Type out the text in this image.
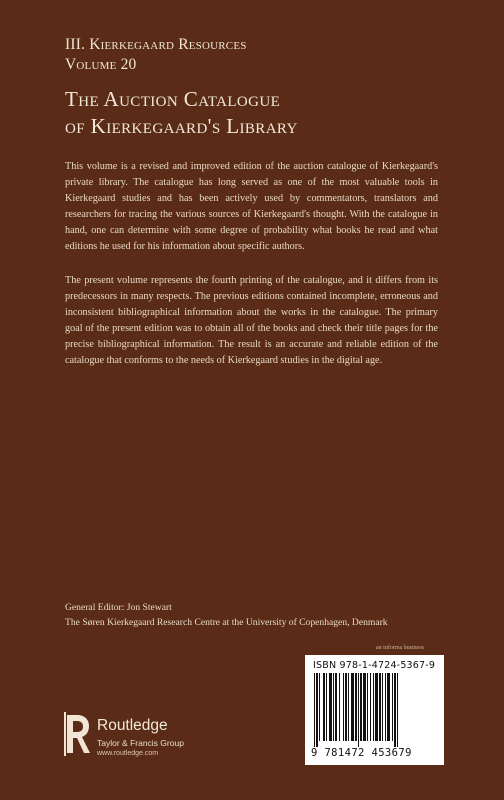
III. Kierkegaard Resources
Volume 20
The Auction Catalogue
of Kierkegaard's Library
This volume is a revised and improved edition of the auction catalogue of Kierkegaard's private library. The catalogue has long served as one of the most valuable tools in Kierkegaard studies and has been actively used by commentators, translators and researchers for tracing the various sources of Kierkegaard's thought. With the catalogue in hand, one can determine with some degree of probability what books he read and what editions he used for his information about specific authors.
The present volume represents the fourth printing of the catalogue, and it differs from its predecessors in many respects. The previous editions contained incomplete, erroneous and inconsistent bibliographical information about the works in the catalogue. The primary goal of the present edition was to obtain all of the books and check their title pages for the precise bibliographical information. The result is an accurate and reliable edition of the catalogue that conforms to the needs of Kierkegaard studies in the digital age.
General Editor: Jon Stewart
The Søren Kierkegaard Research Centre at the University of Copenhagen, Denmark
an informa business
ISBN 978-1-4724-5367-9
9 781472 453679
Routledge
Taylor & Francis Group
www.routledge.com
